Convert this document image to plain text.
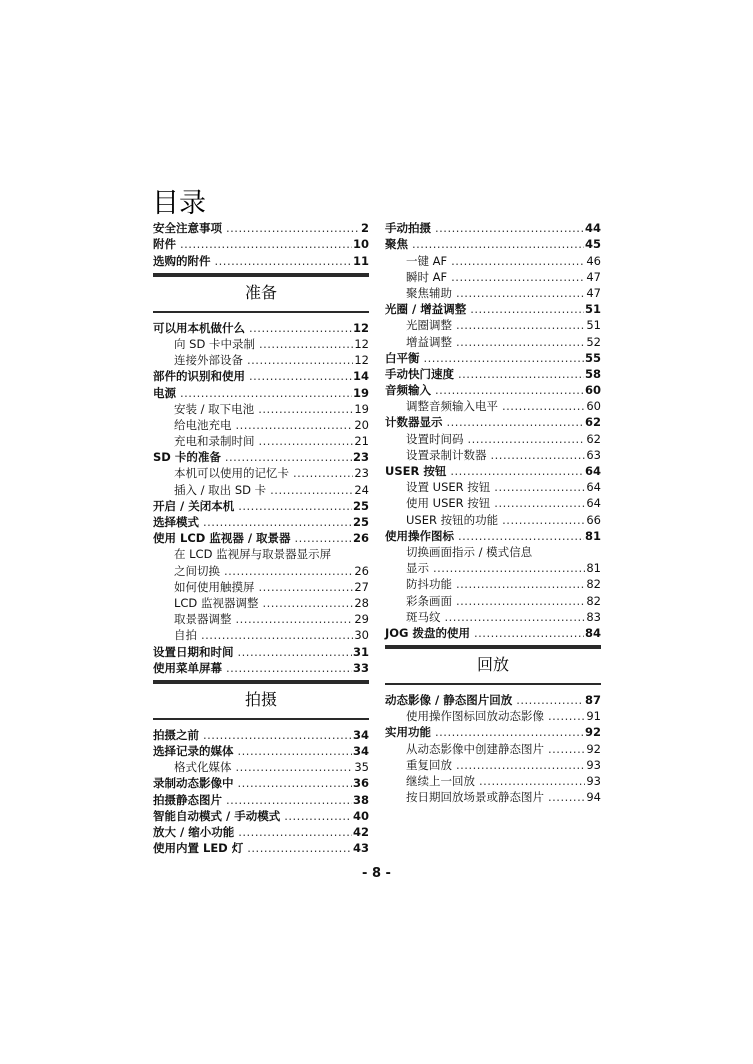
目录
安全注意事项 .....	2
附件 .....	10
选购的附件 .....	11
准备
可以用本机做什么 .....	12
向 SD 卡中录制 .....	12
连接外部设备 .....	12
部件的识别和使用 .....	14
电源 .....	19
安装 / 取下电池 .....	19
给电池充电 .....	20
充电和录制时间 .....	21
SD 卡的准备 .....	23
本机可以使用的记忆卡 .....	23
插入 / 取出 SD 卡 .....	24
开启 / 关闭本机 .....	25
选择模式 .....	25
使用 LCD 监视器 / 取景器 .....	26
在 LCD 监视屏与取景器显示屏
之间切换 .....	26
如何使用触摸屏 .....	27
LCD 监视器调整 .....	28
取景器调整 .....	29
自拍 .....	30
设置日期和时间 .....	31
使用菜单屏幕 .....	33
拍摄
拍摄之前 .....	34
选择记录的媒体 .....	34
格式化媒体 .....	35
录制动态影像中 .....	36
拍摄静态图片 .....	38
智能自动模式 / 手动模式 .....	40
放大 / 缩小功能 .....	42
使用内置 LED 灯 .....	43
手动拍摄 .....	44
聚焦 .....	45
一键 AF .....	46
瞬时 AF .....	47
聚焦辅助 .....	47
光圈 / 增益调整 .....	51
光圈调整 .....	51
增益调整 .....	52
白平衡 .....	55
手动快门速度 .....	58
音频输入 .....	60
调整音频输入电平 .....	60
计数器显示 .....	62
设置时间码 .....	62
设置录制计数器 .....	63
USER 按钮 .....	64
设置 USER 按钮 .....	64
使用 USER 按钮 .....	64
USER 按钮的功能 .....	66
使用操作图标 .....	81
切换画面指示 / 模式信息
显示 .....	81
防抖功能 .....	82
彩条画面 .....	82
斑马纹 .....	83
JOG 拨盘的使用 .....	84
回放
动态影像 / 静态图片回放 .....	87
使用操作图标回放动态影像 .....	91
实用功能 .....	92
从动态影像中创建静态图片 .....	92
重复回放 .....	93
继续上一回放 .....	93
按日期回放场景或静态图片 .....	94
- 8 -
